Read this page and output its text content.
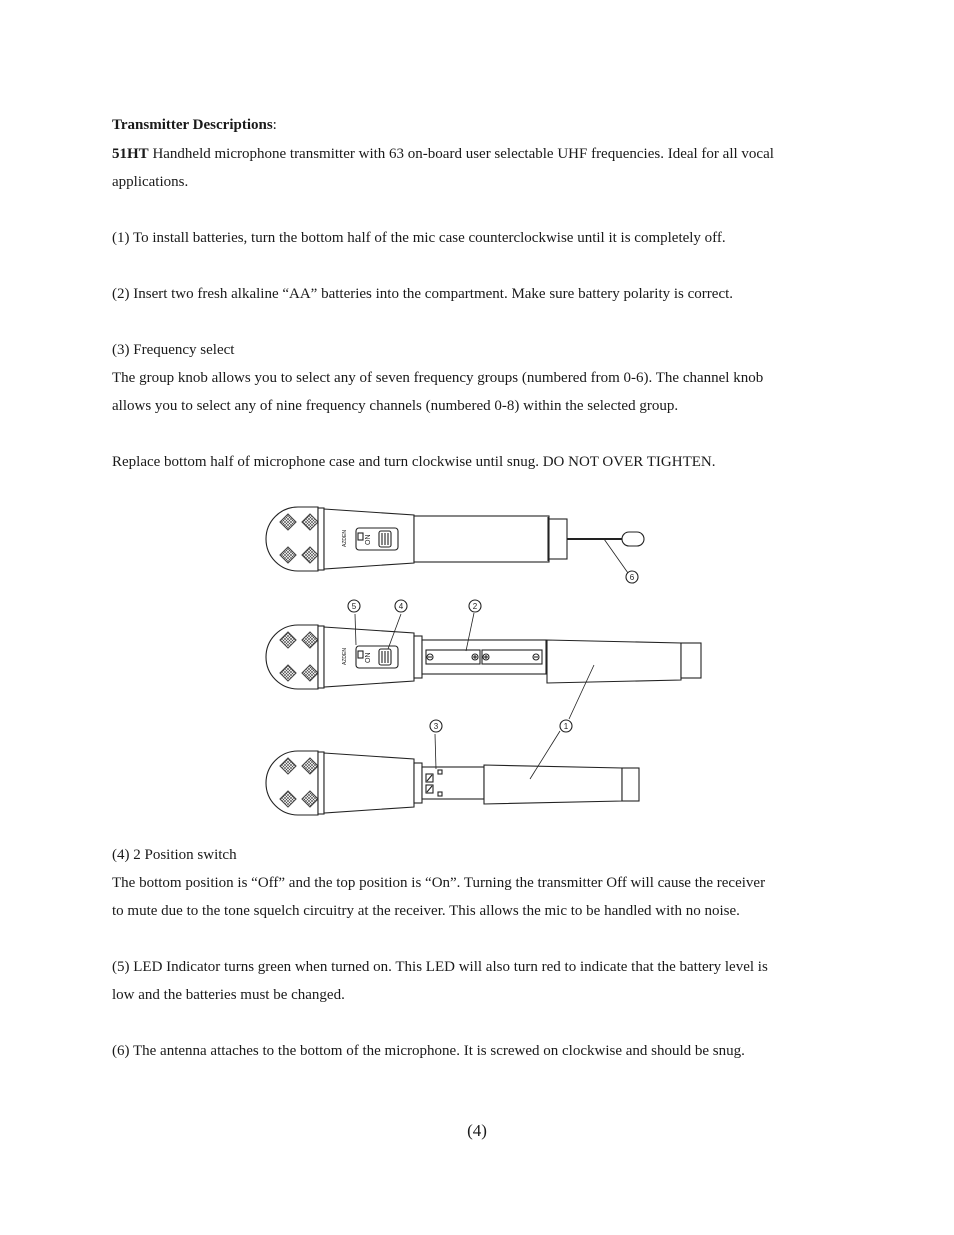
Transmitter Descriptions:
51HT Handheld microphone transmitter with 63 on-board user selectable UHF frequencies. Ideal for all vocal
applications.
(1) To install batteries, turn the bottom half of the mic case counterclockwise until it is completely off.
(2) Insert two fresh alkaline “AA” batteries into the compartment. Make sure battery polarity is correct.
(3) Frequency select
The group knob allows you to select any of seven frequency groups (numbered from 0-6). The channel knob
allows you to select any of nine frequency channels (numbered 0-8) within the selected group.
Replace bottom half of microphone case and turn clockwise until snug. DO NOT OVER TIGHTEN.
6
AZDEN ON
5	4	2
AZDEN ON
3	1
(4) 2 Position switch
The bottom position is “Off” and the top position is “On”. Turning the transmitter Off will cause the receiver
to mute due to the tone squelch circuitry at the receiver. This allows the mic to be handled with no noise.
(5) LED Indicator turns green when turned on. This LED will also turn red to indicate that the battery level is
low and the batteries must be changed.
(6) The antenna attaches to the bottom of the microphone. It is screwed on clockwise and should be snug.
(4)
